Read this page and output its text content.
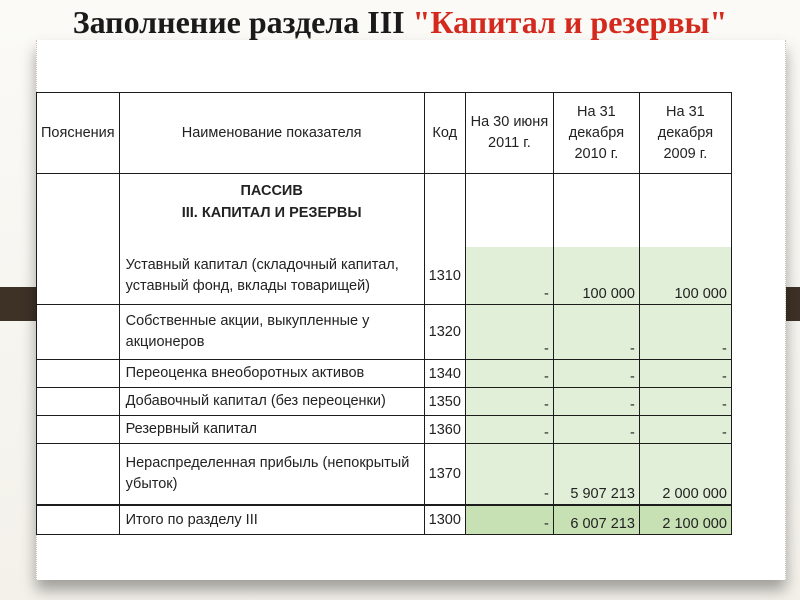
Заполнение раздела III "Капитал и резервы"
Пояснения	Наименование показателя	Код	На 30 июня 2011 г.	На 31 декабря 2010 г.	На 31 декабря 2009 г.

	ПАССИВ
III. КАПИТАЛ И РЕЗЕРВЫ				

	Уставный капитал (складочный капитал, уставный фонд, вклады товарищей)	1310	-	100 000	100 000
	Собственные акции, выкупленные у акционеров	1320	-	-	-
	Переоценка внеоборотных активов	1340	-	-	-
	Добавочный капитал (без переоценки)	1350	-	-	-
	Резервный капитал	1360	-	-	-
	Нераспределенная прибыль (непокрытый убыток)	1370	-	5 907 213	2 000 000
	Итого по разделу III	1300	-	6 007 213	2 100 000
